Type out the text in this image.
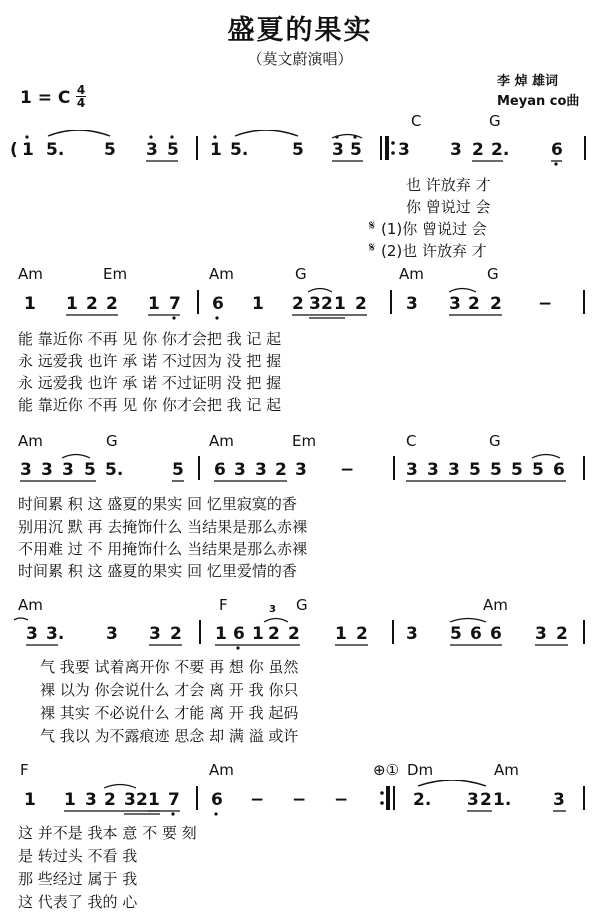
盛夏的果实
（莫文蔚演唱）
李 焯 雄词
Meyan co曲
1 = C 4
4
C	G
( 1 5. 5 3 5 1 5.	5 3 5 3 3 2 2. 6
也 许放弃 才
你 曾说过 会
𝄋 (1)你 曾说过 会
𝄋 (2)也 许放弃 才
Am	Em	Am	G	Am	G
1 1 2 2 1 7 6 1 2 3 2 1 2 3 3 2 2 −
能 靠近你 不再 见 你 你才会把 我 记 起
永 远爱我 也许 承 诺 不过因为 没 把 握
永 远爱我 也许 承 诺 不过证明 没 把 握
能 靠近你 不再 见 你 你才会把 我 记 起
Am	G	Am	Em	C	G
3 3 3 5 5.	5 6 3 3 2 3 −	3 3 3 5 5 5 5 6
时间累 积 这 盛夏的果实 回 忆里寂寞的香
别用沉 默 再 去掩饰什么 当结果是那么赤裸
不用难 过 不 用掩饰什么 当结果是那么赤裸
时间累 积 这 盛夏的果实 回 忆里爱情的香
Am	F	G	Am
3
3 3. 3 3 2 1 6 1 2 2 1 2 3 5 6 6 3 2
气 我要 试着离开你 不要 再 想 你 虽然
裸 以为 你会说什么 才会 离 开 我 你只
裸 其实 不必说什么 才能 离 开 我 起码
气 我以 为不露痕迹 思念 却 满 溢 或许
F	Am	⊕① Dm	Am
1 1 3 2 3 2 1 7 6 − − −	2. 3 2 1. 3
这 并不是 我本 意 不 要 刻
是 转过头 不看 我
那 些经过 属于 我
这 代表了 我的 心
